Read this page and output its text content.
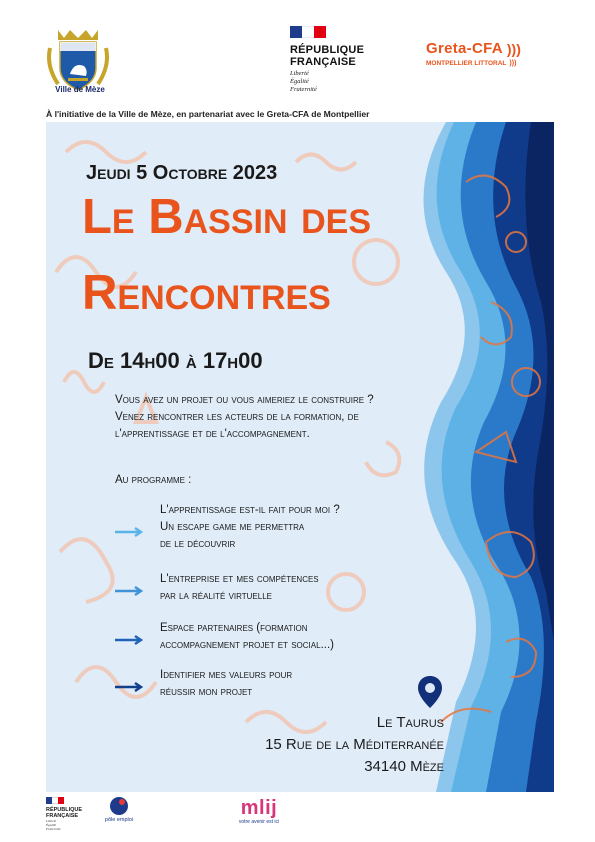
Ville de Mèze
RÉPUBLIQUE
FRANÇAISE
Liberté
Égalité
Fraternité
Greta-CFA )))
MONTPELLIER LITTORAL )))
À l'initiative de la Ville de Mèze, en partenariat avec le Greta-CFA de Montpellier
Jeudi 5 Octobre 2023
Le Bassin des
Rencontres
De 14h00 à 17h00
Vous avez un projet ou vous aimeriez le construire ? Venez rencontrer les acteurs de la formation, de l'apprentissage et de l'accompagnement.
Au programme :
L'apprentissage est-il fait pour moi ?
Un escape game me permettra
de le découvrir
L'entreprise et mes compétences
par la réalité virtuelle
Espace partenaires (formation
accompagnement projet et social...)
Identifier mes valeurs pour
réussir mon projet
Le Taurus
15 Rue de la Méditerranée
34140 Mèze
RÉPUBLIQUE
FRANÇAISE
Liberté
Égalité
Fraternité
pôle emploi
mlij
votre avenir est ici
